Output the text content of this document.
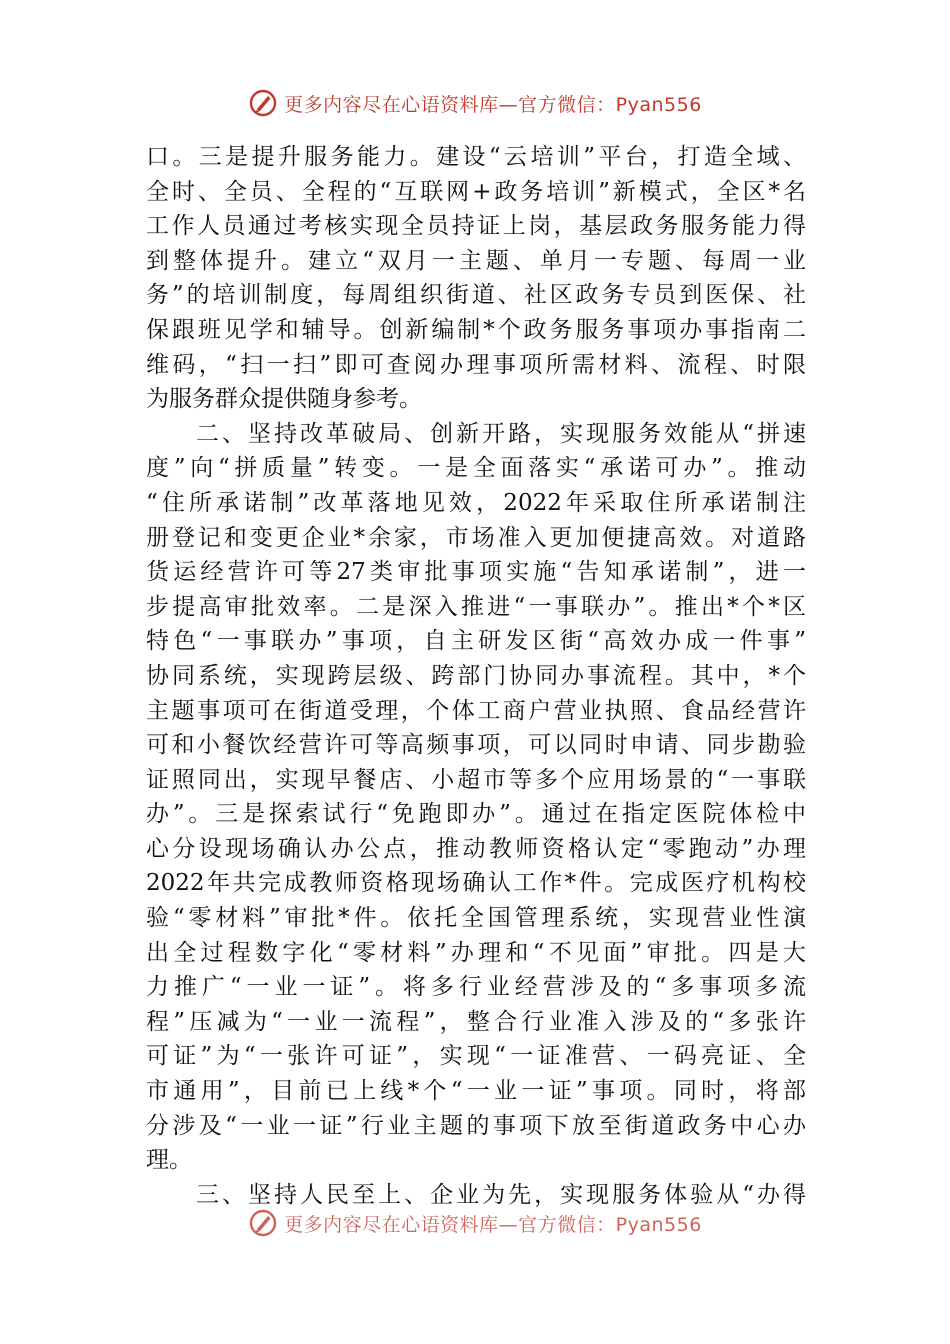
更多内容尽在心语资料库—官方微信：Pyan556
口。三是提升服务能力。建设“云培训”平台，打造全域、
全时、全员、全程的“互联网+政务培训”新模式，全区*名
工作人员通过考核实现全员持证上岗，基层政务服务能力得
到整体提升。建立“双月一主题、单月一专题、每周一业
务”的培训制度，每周组织街道、社区政务专员到医保、社
保跟班见学和辅导。创新编制*个政务服务事项办事指南二
维码，“扫一扫”即可查阅办理事项所需材料、流程、时限
为服务群众提供随身参考。
二、坚持改革破局、创新开路，实现服务效能从“拼速
度”向“拼质量”转变。一是全面落实“承诺可办”。推动
“住所承诺制”改革落地见效，2022年采取住所承诺制注
册登记和变更企业*余家，市场准入更加便捷高效。对道路
货运经营许可等27类审批事项实施“告知承诺制”，进一
步提高审批效率。二是深入推进“一事联办”。推出*个*区
特色“一事联办”事项，自主研发区街“高效办成一件事”
协同系统，实现跨层级、跨部门协同办事流程。其中，*个
主题事项可在街道受理，个体工商户营业执照、食品经营许
可和小餐饮经营许可等高频事项，可以同时申请、同步勘验
证照同出，实现早餐店、小超市等多个应用场景的“一事联
办”。三是探索试行“免跑即办”。通过在指定医院体检中
心分设现场确认办公点，推动教师资格认定“零跑动”办理
2022年共完成教师资格现场确认工作*件。完成医疗机构校
验“零材料”审批*件。依托全国管理系统，实现营业性演
出全过程数字化“零材料”办理和“不见面”审批。四是大
力推广“一业一证”。将多行业经营涉及的“多事项多流
程”压减为“一业一流程”，整合行业准入涉及的“多张许
可证”为“一张许可证”，实现“一证准营、一码亮证、全
市通用”，目前已上线*个“一业一证”事项。同时，将部
分涉及“一业一证”行业主题的事项下放至街道政务中心办
理。
三、坚持人民至上、企业为先，实现服务体验从“办得
更多内容尽在心语资料库—官方微信：Pyan556
